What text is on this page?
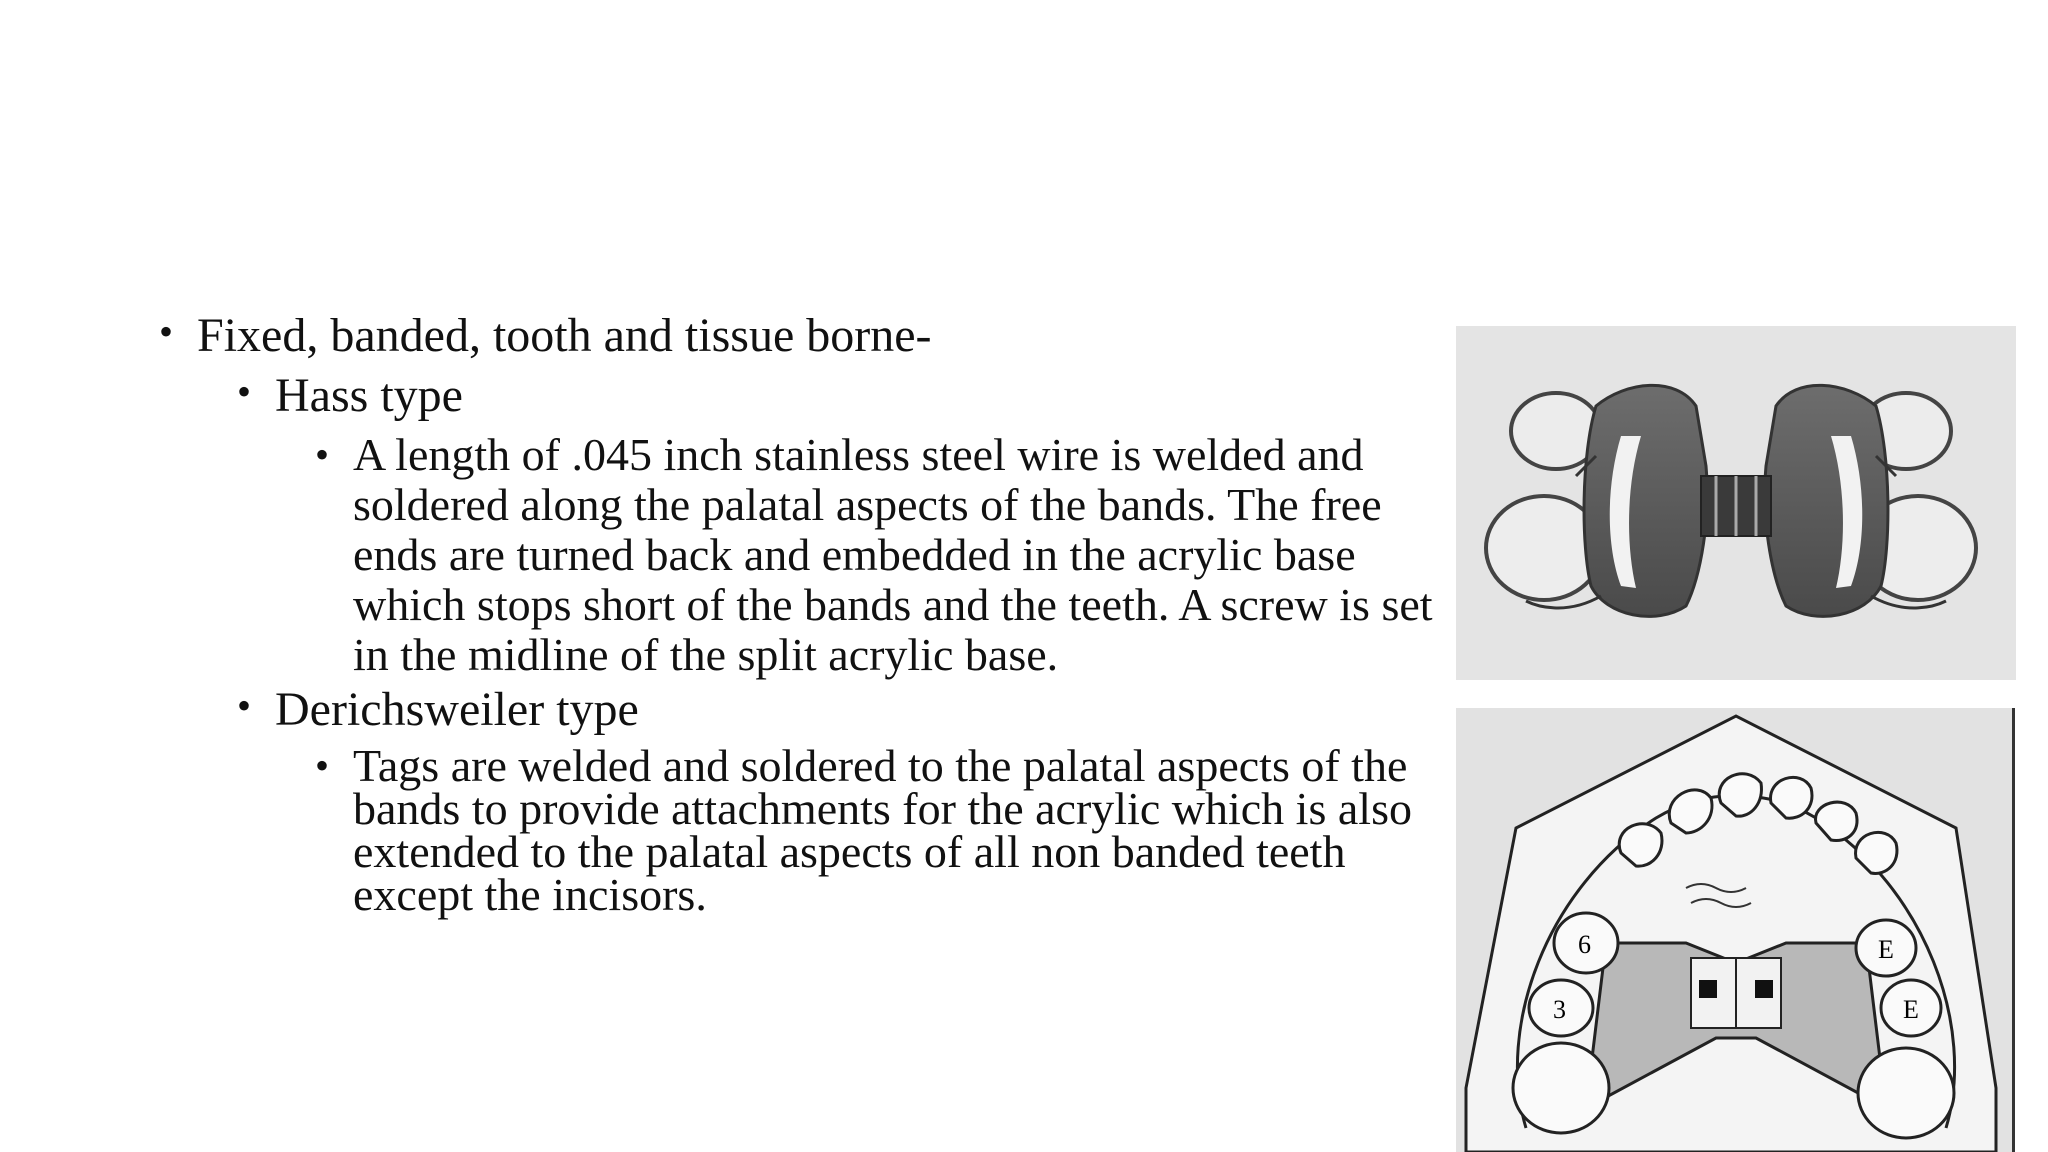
• Fixed, banded, tooth and tissue borne-
• Hass type
• A length of .045 inch stainless steel wire is welded and soldered along the palatal aspects of the bands. The free ends are turned back and embedded in the acrylic base which stops short of the bands and the teeth. A screw is set in the midline of the split acrylic base.
• Derichsweiler type
• Tags are welded and soldered to the palatal aspects of the bands to provide attachments for the acrylic which is also extended to the palatal aspects of all non banded teeth except the incisors.
6	E
3	E
